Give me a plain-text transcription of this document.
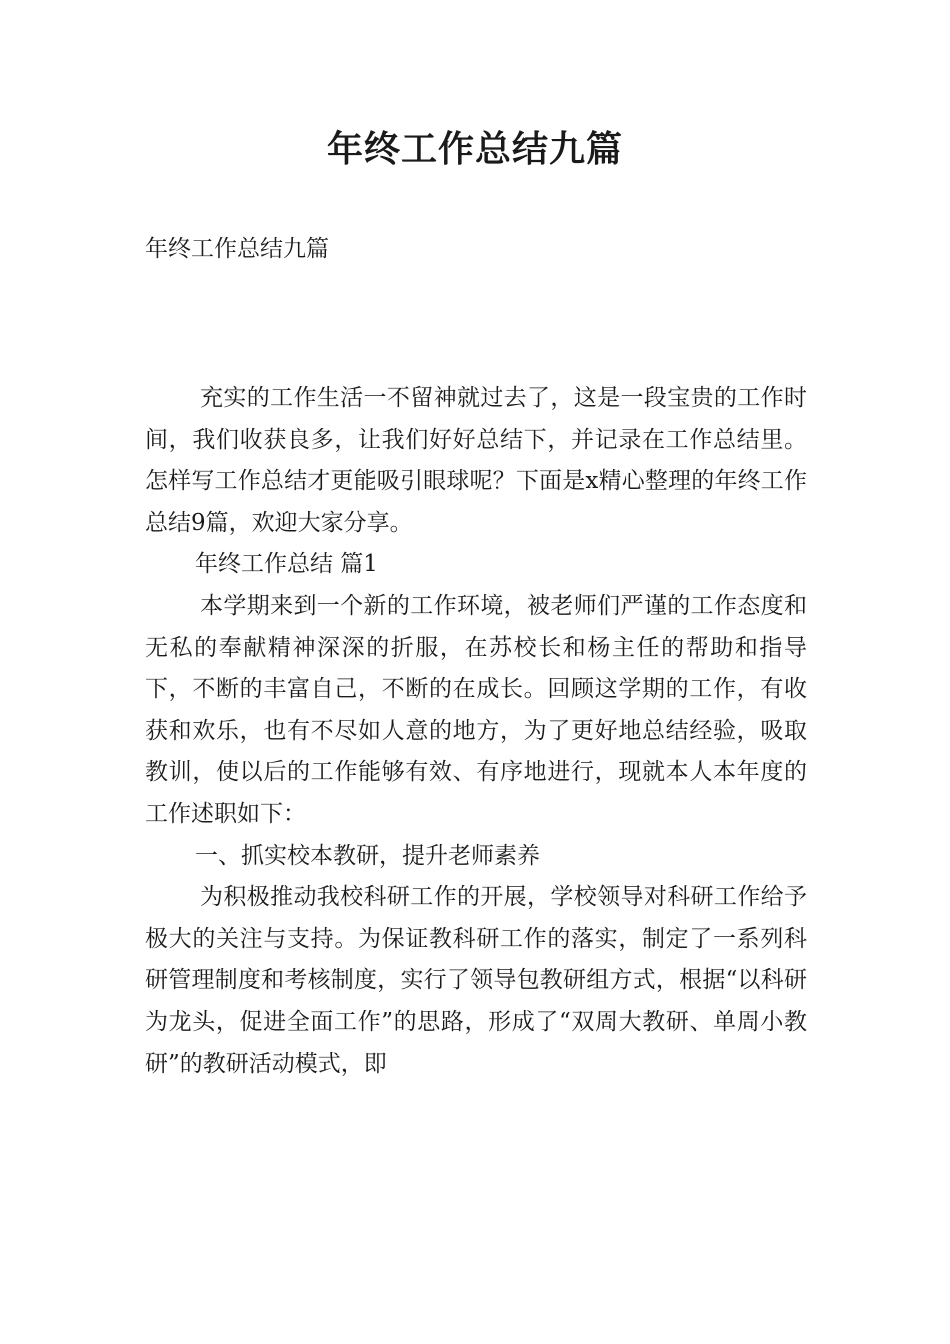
年终工作总结九篇

年终工作总结九篇

充实的工作生活一不留神就过去了，这是一段宝贵的工作时间，我们收获良多，让我们好好总结下，并记录在工作总结里。怎样写工作总结才更能吸引眼球呢？下面是x精心整理的年终工作总结9篇，欢迎大家分享。

年终工作总结 篇1

本学期来到一个新的工作环境，被老师们严谨的工作态度和无私的奉献精神深深的折服，在苏校长和杨主任的帮助和指导下，不断的丰富自己，不断的在成长。回顾这学期的工作，有收获和欢乐，也有不尽如人意的地方，为了更好地总结经验，吸取教训，使以后的工作能够有效、有序地进行，现就本人本年度的工作述职如下：

一、抓实校本教研，提升老师素养

为积极推动我校科研工作的开展，学校领导对科研工作给予极大的关注与支持。为保证教科研工作的落实，制定了一系列科研管理制度和考核制度，实行了领导包教研组方式，根据“以科研为龙头，促进全面工作”的思路，形成了“双周大教研、单周小教研”的教研活动模式，即
